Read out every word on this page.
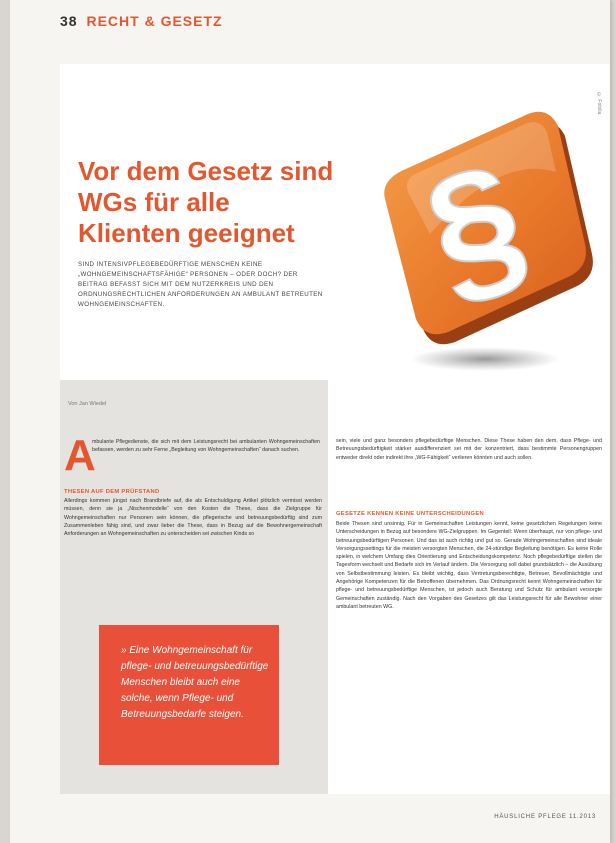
38 RECHT & GESETZ
© Fotolia
Vor dem Gesetz sind WGs für alle Klienten geeignet
SIND INTENSIVPFLEGEBEDÜRFTIGE MENSCHEN KEINE „WOHNGEMEINSCHAFTSFÄHIGE“ PERSONEN – ODER DOCH? DER BEITRAG BEFASST SICH MIT DEM NUTZERKREIS UND DEN ORDNUNGSRECHTLICHEN ANFORDERUNGEN AN AMBULANT BETREUTEN WOHNGEMEINSCHAFTEN.	§
Von Jan Wiedel
A

mbulante Pflegedienste, die sich mit dem Leistungsrecht bei ambulanten Wohngemeinschaften befassen, werden zu sehr Ferne „Begleitung von Wohngemeinschaften“ danach suchen.

THESEN AUF DEM PRÜFSTAND

Allerdings kommen jüngst nach Brandbriefe auf, die als Entschuldigung Artikel plötzlich vermisst werden müssen, denn sie ja „Nischenmodelle“ von den Kosten die These, dass die Zielgruppe für Wohngemeinschaften nur Personen sein können, die pflegerische und betreuungsbedürftig sind zum Zusammenleben fähig sind, und zwar lieber die These, dass in Bezug auf die Bewohnergemeinschaft Anforderungen an Wohngemeinschaften zu unterscheiden sei zwischen Kinds so

» Eine Wohngemeinschaft für pflege- und betreuungsbedürftige Menschen bleibt auch eine solche, wenn Pflege- und Betreuungsbedarfe steigen.

sein, viele und ganz besonders pflegebedürftige Menschen. Diese These haben den dem, dass Pflege- und Betreuungsbedürftigkeit stärker ausdifferenziert sei mit der konzentriert, dass bestimmte Personengruppen entweder direkt oder indirekt ihre „WG-Fähigkeit“ verlieren könnten und auch sollen.

GESETZE KENNEN KEINE UNTERSCHEIDUNGEN

Beide Thesen sind unsinnig. Für in Gemeinschaften Leistungen kennt, keine gesetzlichen Regelungen keine Unterscheidungen in Bezug auf besondere WG-Zielgruppen. Im Gegenteil: Wenn überhaupt, nur von pflege- und betreuungsbedürftigen Personen. Und das ist auch richtig und gut so. Gerade Wohngemeinschaften sind ideale Versorgungssettings für die meisten versorgten Menschen, die 24-stündige Begleitung benötigen. Es keine Rolle spielen, in welchem Umfang dies Orientierung und Entscheidungskompetenz. Noch pflegebedürftige stellen die Tagesform wechselt und Bedarfe sich im Verlauf ändern. Die Versorgung soll dabei grundsätzlich – die Ausübung von Selbstbestimmung leisten. Es bleibt wichtig, dass Vertretungsberechtigte, Betreuer, Bevollmächtigte und Angehörige Kompetenzen für die Betroffenen übernehmen. Das Ordnungsrecht kennt Wohngemeinschaften für pflege- und betreuungsbedürftige Menschen, ist jedoch auch Beratung und Schutz für ambulant versorgte Gemeinschaften zuständig. Nach den Vorgaben des Gesetzes gilt das Leistungsrecht für alle Bewohner einer ambulant betreuten WG.

HÄUSLICHE PFLEGE 11.2013
